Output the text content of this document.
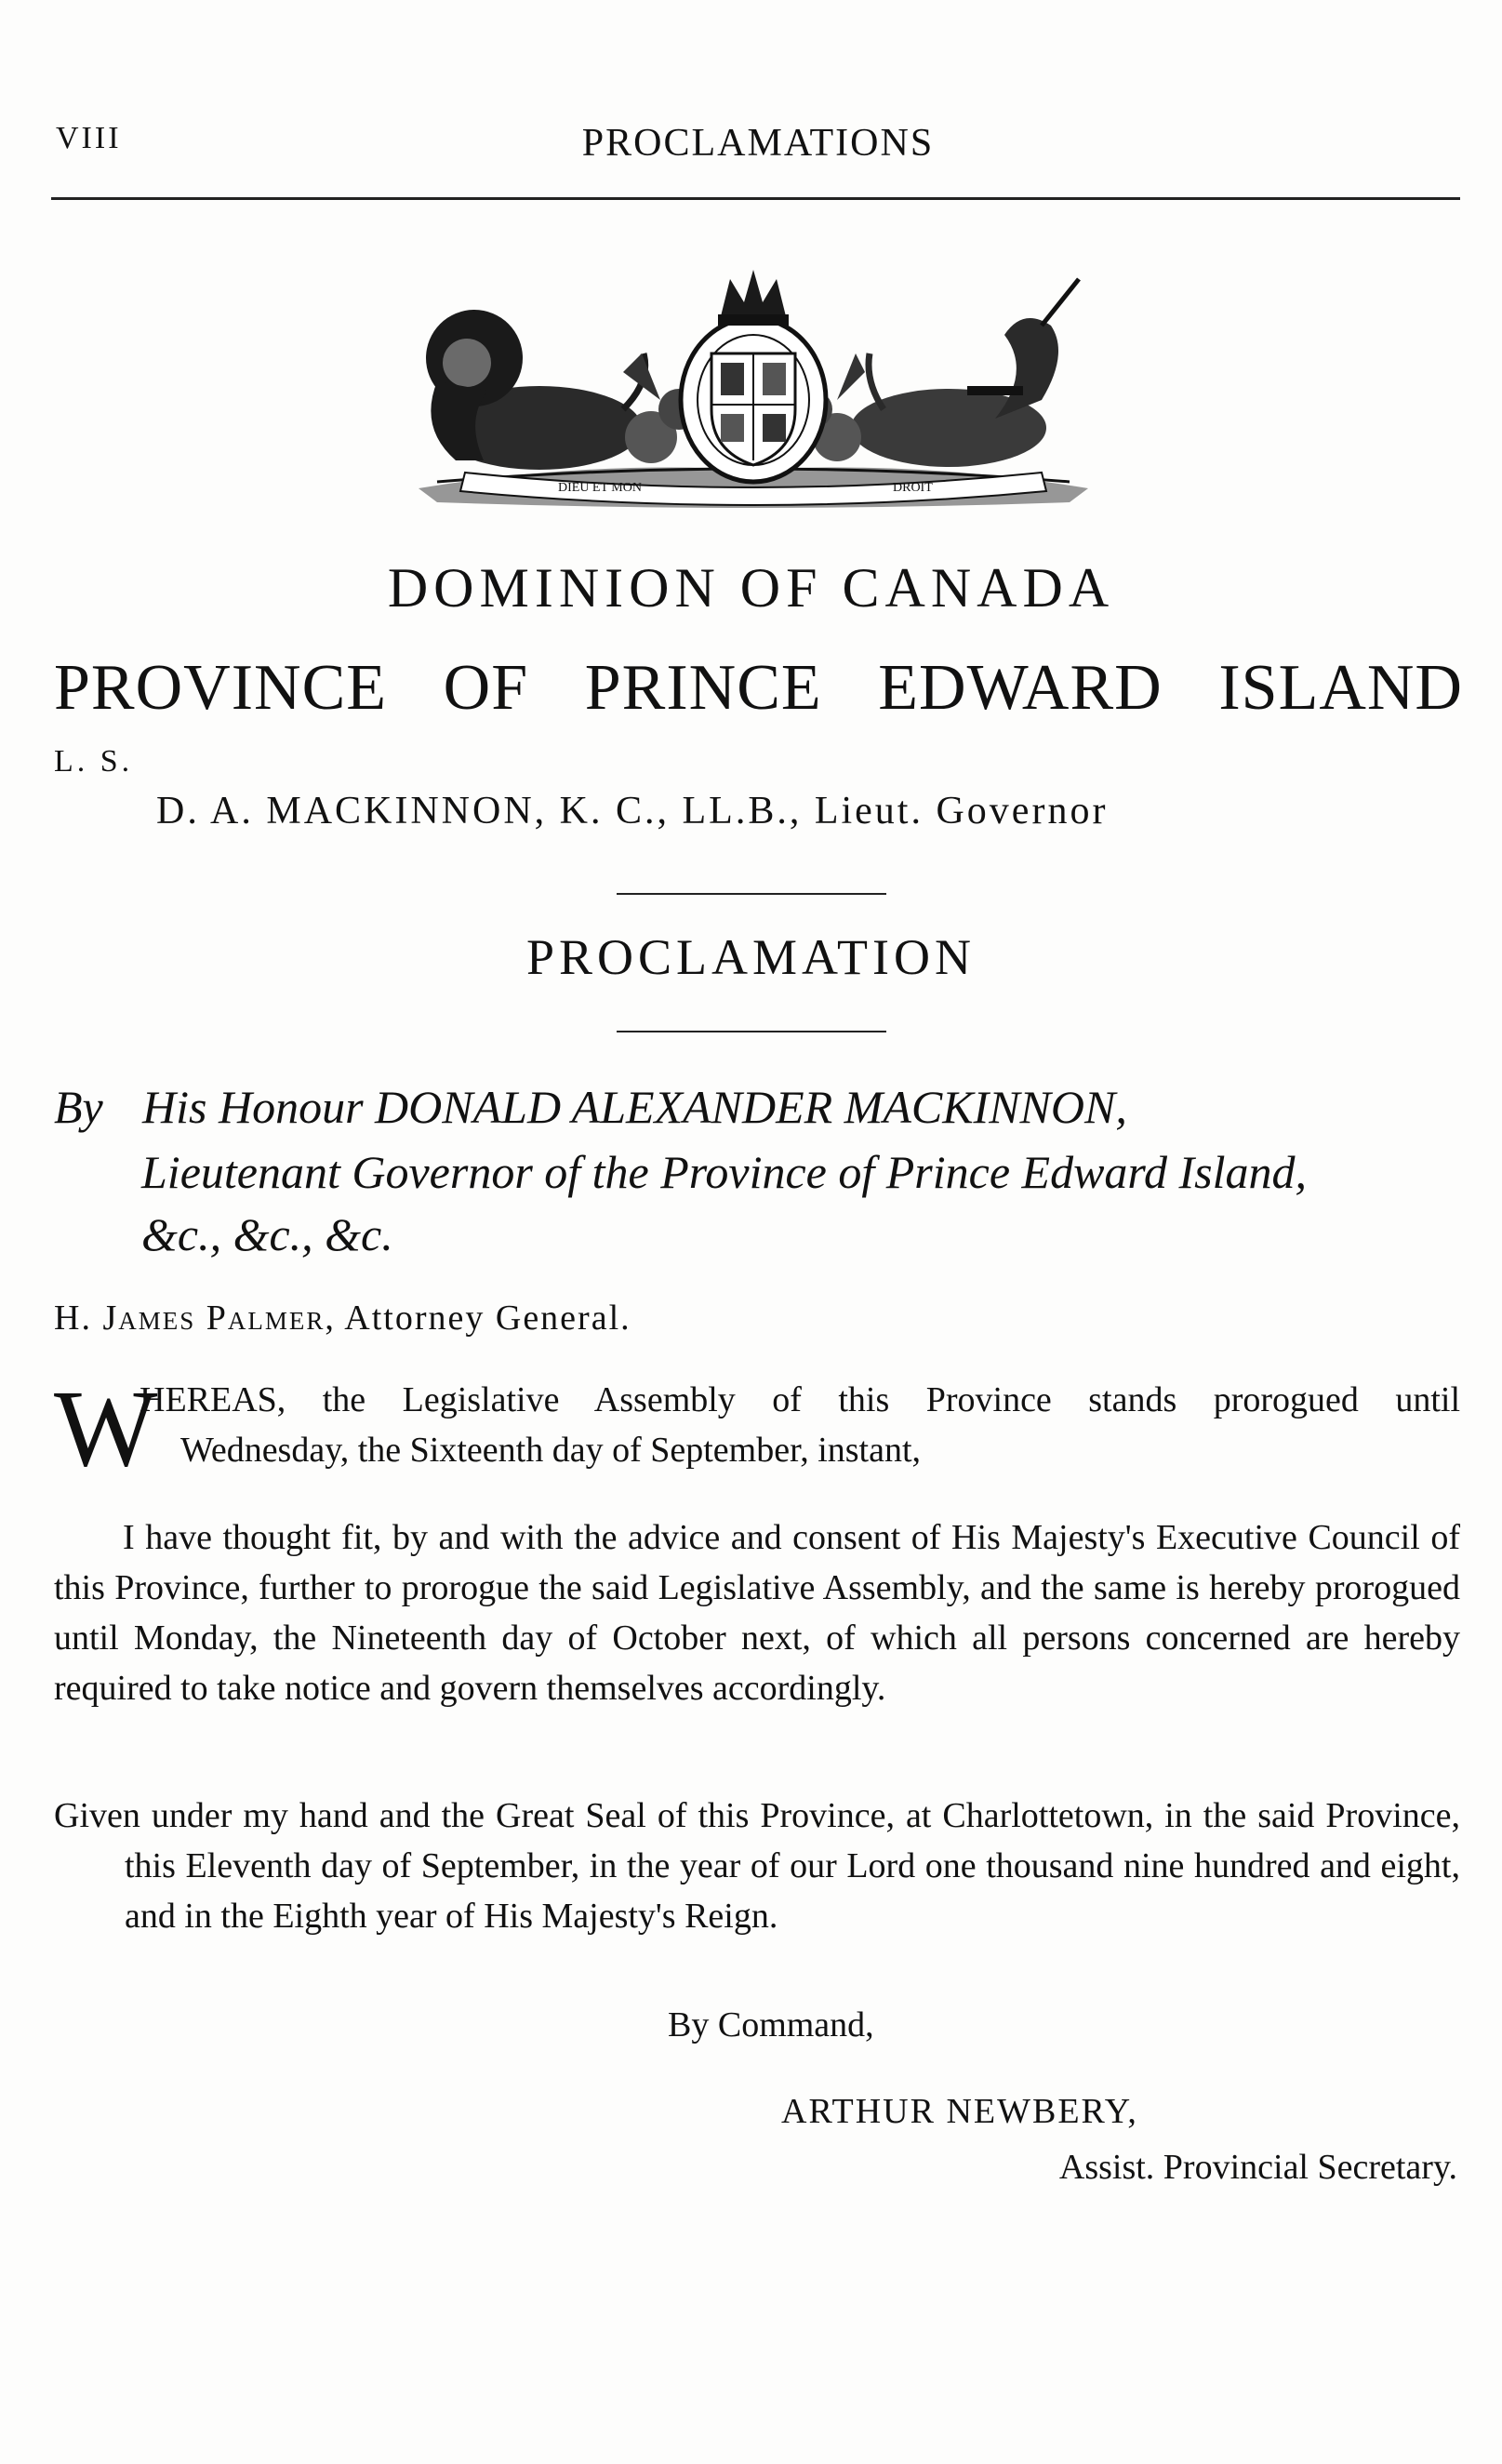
VIII	PROCLAMATIONS
DIEU ET MON	DROIT
DOMINION OF CANADA
PROVINCE OF PRINCE EDWARD ISLAND
L. S.
D. A. MACKINNON, K. C., LL.B., Lieut. Governor
PROCLAMATION
By His Honour DONALD ALEXANDER MACKINNON,
Lieutenant Governor of the Province of Prince Edward Island,
&c., &c., &c.
H. James Palmer, Attorney General.
W
HEREAS, the Legislative Assembly of this Province stands prorogued until
Wednesday, the Sixteenth day of September, instant,
I have thought fit, by and with the advice and consent of His Majesty's Executive Council of this Province, further to prorogue the said Legislative Assembly, and the same is hereby prorogued until Monday, the Nineteenth day of October next, of which all persons concerned are hereby required to take notice and govern themselves accordingly.
Given under my hand and the Great Seal of this Province, at Charlottetown, in the said Province, this Eleventh day of September, in the year of our Lord one thousand nine hundred and eight, and in the Eighth year of His Majesty's Reign.
By Command,
ARTHUR NEWBERY,
Assist. Provincial Secretary.
